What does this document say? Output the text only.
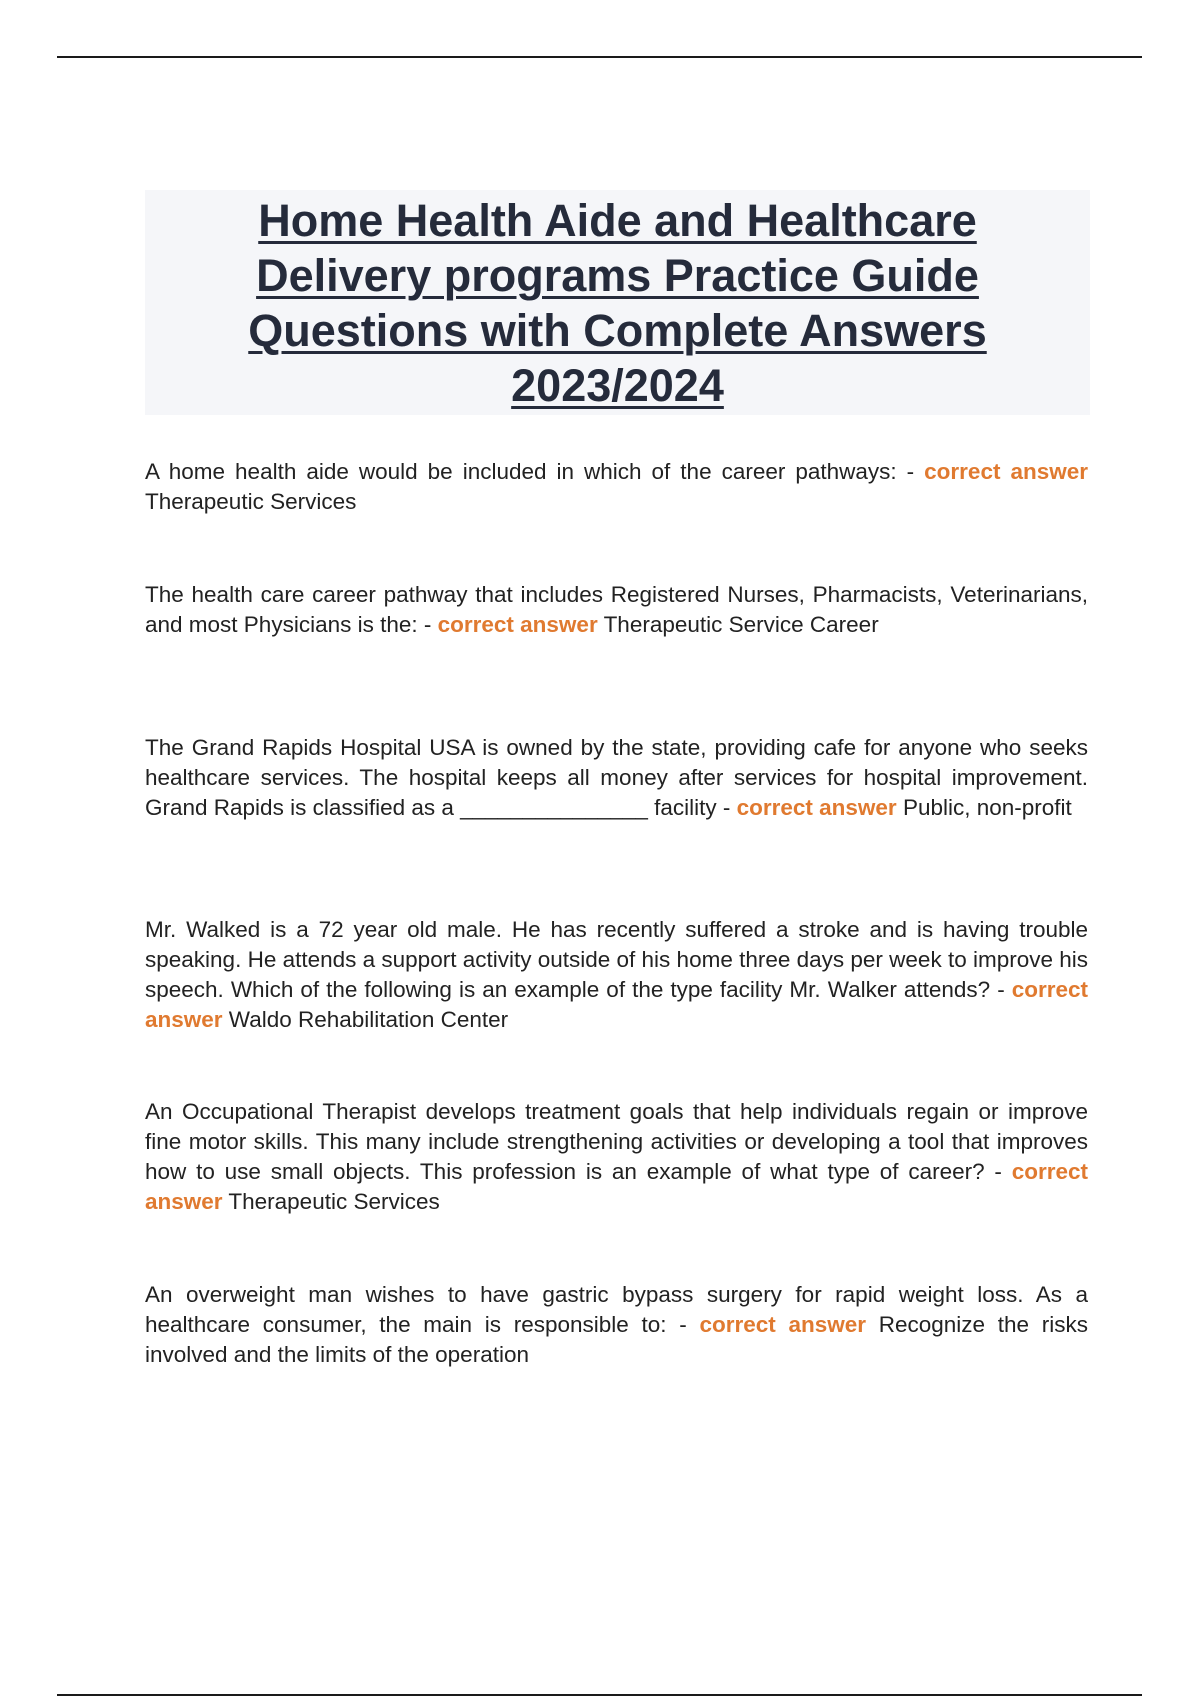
Home Health Aide and Healthcare Delivery programs Practice Guide Questions with Complete Answers 2023/2024

A home health aide would be included in which of the career pathways: - correct answer Therapeutic Services

The health care career pathway that includes Registered Nurses, Pharmacists, Veterinarians, and most Physicians is the: - correct answer Therapeutic Service Career

The Grand Rapids Hospital USA is owned by the state, providing cafe for anyone who seeks healthcare services. The hospital keeps all money after services for hospital improvement. Grand Rapids is classified as a _______________ facility - correct answer Public, non-profit

Mr. Walked is a 72 year old male. He has recently suffered a stroke and is having trouble speaking. He attends a support activity outside of his home three days per week to improve his speech. Which of the following is an example of the type facility Mr. Walker attends? - correct answer Waldo Rehabilitation Center

An Occupational Therapist develops treatment goals that help individuals regain or improve fine motor skills. This many include strengthening activities or developing a tool that improves how to use small objects. This profession is an example of what type of career? - correct answer Therapeutic Services

An overweight man wishes to have gastric bypass surgery for rapid weight loss. As a healthcare consumer, the main is responsible to: - correct answer Recognize the risks involved and the limits of the operation
